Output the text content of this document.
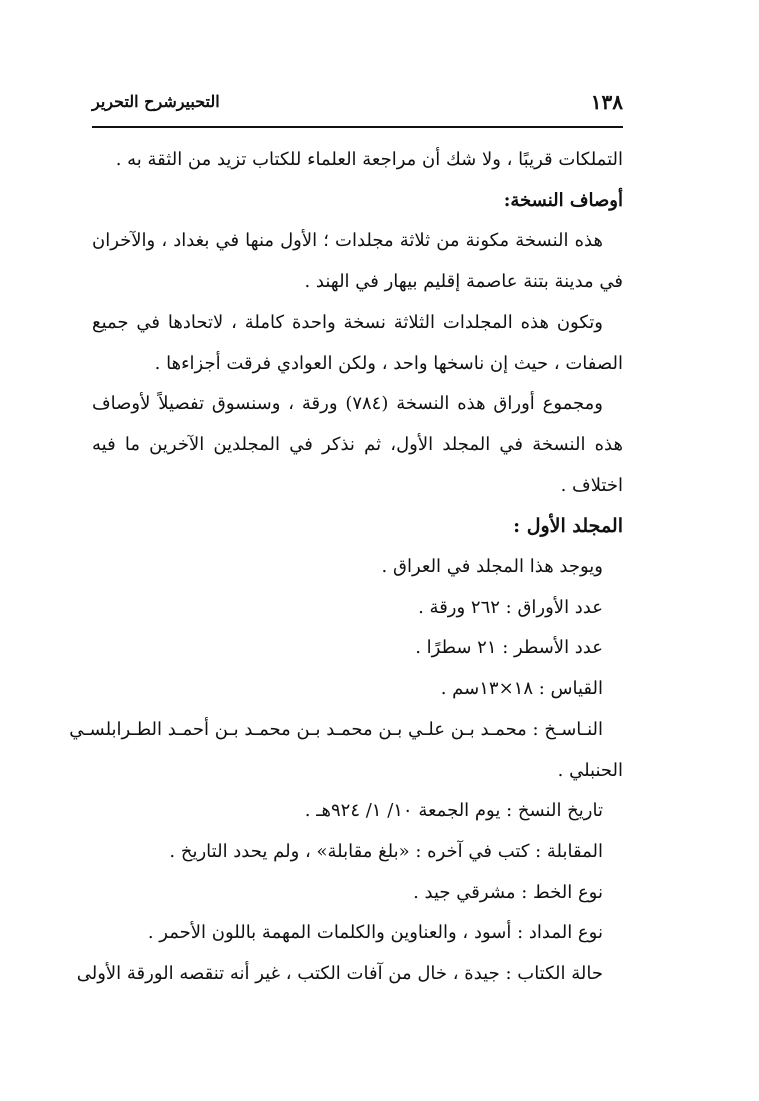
١٣٨
التحبيرشرح التحرير
التملكات قريبًا ، ولا شك أن مراجعة العلماء للكتاب تزيد من الثقة به .
أوصاف النسخة:
هذه النسخة مكونة من ثلاثة مجلدات ؛ الأول منها في بغداد ، والآخران
في مدينة بتنة عاصمة إقليم بيهار في الهند .
وتكون هذه المجلدات الثلاثة نسخة واحدة كاملة ، لاتحادها في جميع
الصفات ، حيث إن ناسخها واحد ، ولكن العوادي فرقت أجزاءها .
ومجموع أوراق هذه النسخة (٧٨٤) ورقة ، وسنسوق تفصيلاً لأوصاف
هذه النسخة في المجلد الأول، ثم نذكر في المجلدين الآخرين ما فيه
اختلاف .
المجلد الأول :
ويوجد هذا المجلد في العراق .
عدد الأوراق : ٢٦٢ ورقة .
عدد الأسطر : ٢١ سطرًا .
القياس : ١٨×١٣سم .
النـاسـخ : محمـد بـن علـي بـن محمـد بـن محمـد بـن أحمـد الطـرابلسـي
الحنبلي .
تاريخ النسخ : يوم الجمعة ١٠/ ١/ ٩٢٤هـ .
المقابلة : كتب في آخره : «بلغ مقابلة» ، ولم يحدد التاريخ .
نوع الخط : مشرقي جيد .
نوع المداد : أسود ، والعناوين والكلمات المهمة باللون الأحمر .
حالة الكتاب : جيدة ، خال من آفات الكتب ، غير أنه تنقصه الورقة الأولى
